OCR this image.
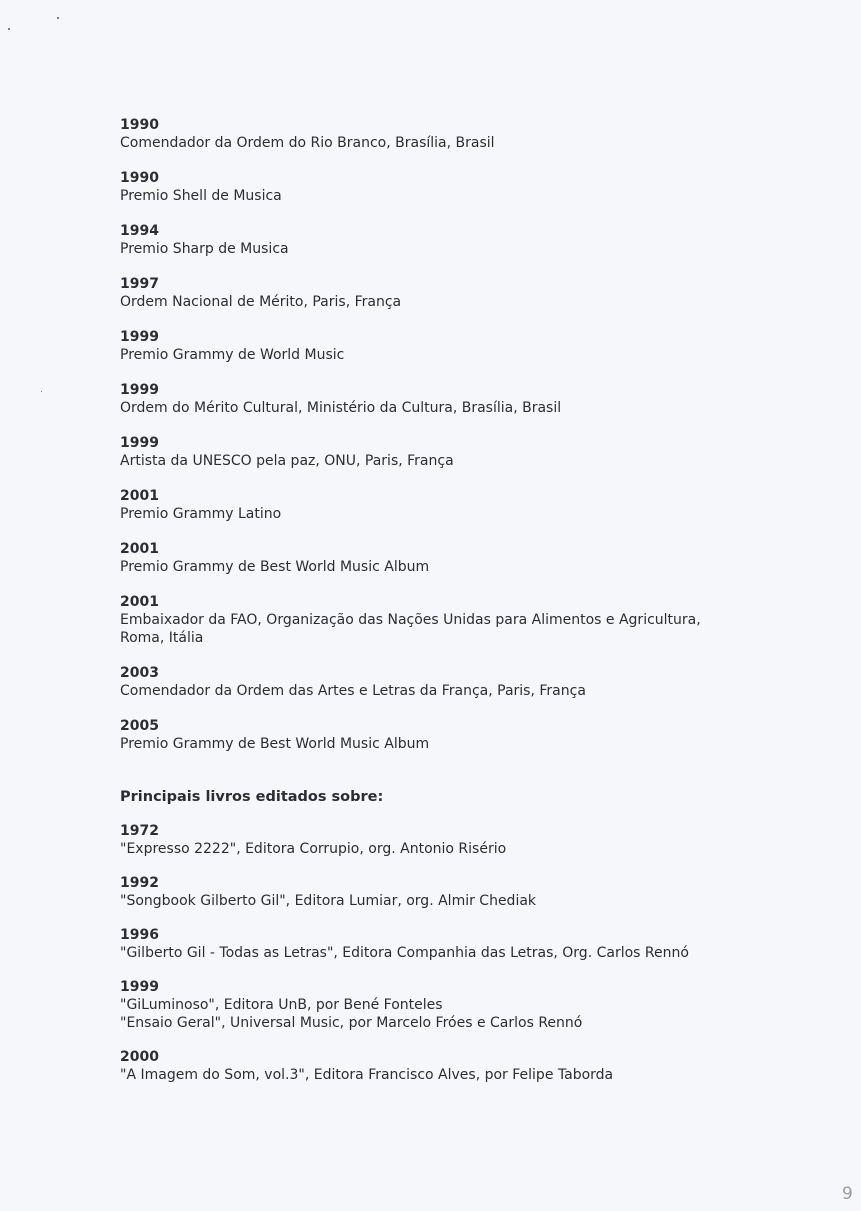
1990
Comendador da Ordem do Rio Branco, Brasília, Brasil
1990
Premio Shell de Musica
1994
Premio Sharp de Musica
1997
Ordem Nacional de Mérito, Paris, França
1999
Premio Grammy de World Music
1999
Ordem do Mérito Cultural, Ministério da Cultura, Brasília, Brasil
1999
Artista da UNESCO pela paz, ONU, Paris, França
2001
Premio Grammy Latino
2001
Premio Grammy de Best World Music Album
2001
Embaixador da FAO, Organização das Nações Unidas para Alimentos e Agricultura,
Roma, Itália
2003
Comendador da Ordem das Artes e Letras da França, Paris, França
2005
Premio Grammy de Best World Music Album
Principais livros editados sobre:
1972
"Expresso 2222", Editora Corrupio, org. Antonio Risério
1992
"Songbook Gilberto Gil", Editora Lumiar, org. Almir Chediak
1996
"Gilberto Gil - Todas as Letras", Editora Companhia das Letras, Org. Carlos Rennó
1999
"GiLuminoso", Editora UnB, por Bené Fonteles
"Ensaio Geral", Universal Music, por Marcelo Fróes e Carlos Rennó
2000
"A Imagem do Som, vol.3", Editora Francisco Alves, por Felipe Taborda
9
